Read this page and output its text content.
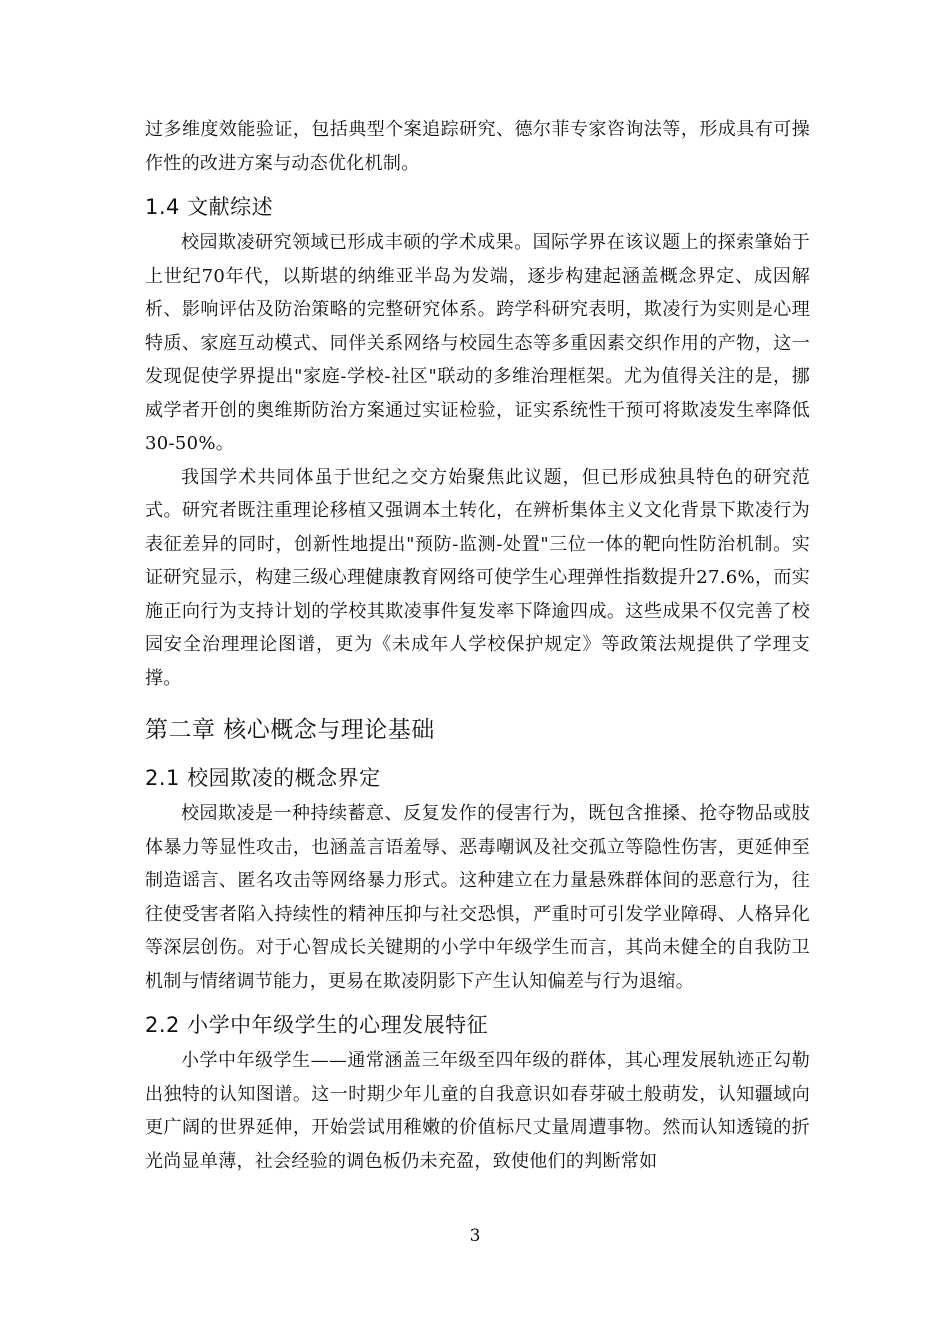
过多维度效能验证，包括典型个案追踪研究、德尔菲专家咨询法等，形成具有可操作性的改进方案与动态优化机制。

1.4 文献综述

校园欺凌研究领域已形成丰硕的学术成果。国际学界在该议题上的探索肇始于上世纪70年代，以斯堪的纳维亚半岛为发端，逐步构建起涵盖概念界定、成因解析、影响评估及防治策略的完整研究体系。跨学科研究表明，欺凌行为实则是心理特质、家庭互动模式、同伴关系网络与校园生态等多重因素交织作用的产物，这一发现促使学界提出"家庭-学校-社区"联动的多维治理框架。尤为值得关注的是，挪威学者开创的奥维斯防治方案通过实证检验，证实系统性干预可将欺凌发生率降低30-50%。

我国学术共同体虽于世纪之交方始聚焦此议题，但已形成独具特色的研究范式。研究者既注重理论移植又强调本土转化，在辨析集体主义文化背景下欺凌行为表征差异的同时，创新性地提出"预防-监测-处置"三位一体的靶向性防治机制。实证研究显示，构建三级心理健康教育网络可使学生心理弹性指数提升27.6%，而实施正向行为支持计划的学校其欺凌事件复发率下降逾四成。这些成果不仅完善了校园安全治理理论图谱，更为《未成年人学校保护规定》等政策法规提供了学理支撑。

第二章 核心概念与理论基础
2.1 校园欺凌的概念界定

校园欺凌是一种持续蓄意、反复发作的侵害行为，既包含推搡、抢夺物品或肢体暴力等显性攻击，也涵盖言语羞辱、恶毒嘲讽及社交孤立等隐性伤害，更延伸至制造谣言、匿名攻击等网络暴力形式。这种建立在力量悬殊群体间的恶意行为，往往使受害者陷入持续性的精神压抑与社交恐惧，严重时可引发学业障碍、人格异化等深层创伤。对于心智成长关键期的小学中年级学生而言，其尚未健全的自我防卫机制与情绪调节能力，更易在欺凌阴影下产生认知偏差与行为退缩。

2.2 小学中年级学生的心理发展特征

小学中年级学生——通常涵盖三年级至四年级的群体，其心理发展轨迹正勾勒出独特的认知图谱。这一时期少年儿童的自我意识如春芽破土般萌发，认知疆域向更广阔的世界延伸，开始尝试用稚嫩的价值标尺丈量周遭事物。然而认知透镜的折光尚显单薄，社会经验的调色板仍未充盈，致使他们的判断常如

3
